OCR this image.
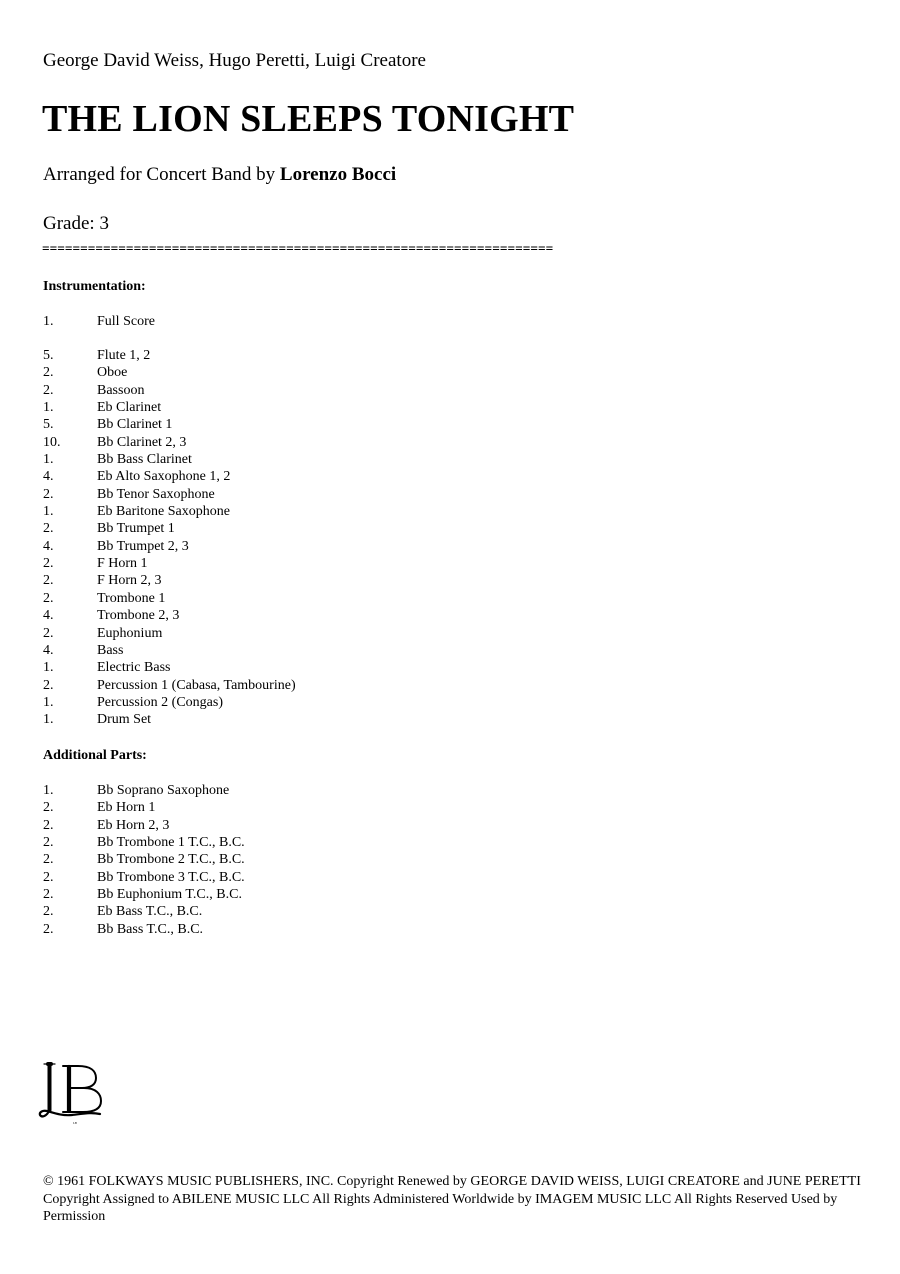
George David Weiss, Hugo Peretti, Luigi Creatore
THE LION SLEEPS TONIGHT
Arranged for Concert Band by Lorenzo Bocci
Grade: 3
===================================================================
Instrumentation:
1.	Full Score
5.	Flute 1, 2
2.	Oboe
2.	Bassoon
1.	Eb Clarinet
5.	Bb Clarinet 1
10.	Bb Clarinet 2, 3
1.	Bb Bass Clarinet
4.	Eb Alto Saxophone 1, 2
2.	Bb Tenor Saxophone
1.	Eb Baritone Saxophone
2.	Bb Trumpet 1
4.	Bb Trumpet 2, 3
2.	F Horn 1
2.	F Horn 2, 3
2.	Trombone 1
4.	Trombone 2, 3
2.	Euphonium
4.	Bass
1.	Electric Bass
2.	Percussion 1 (Cabasa, Tambourine)
1.	Percussion 2 (Congas)
1.	Drum Set
Additional Parts:
1.	Bb Soprano Saxophone
2.	Eb Horn 1
2.	Eb Horn 2, 3
2.	Bb Trombone 1 T.C., B.C.
2.	Bb Trombone 2 T.C., B.C.
2.	Bb Trombone 3 T.C., B.C.
2.	Bb Euphonium T.C., B.C.
2.	Eb Bass T.C., B.C.
2.	Bb Bass T.C., B.C.
LB
© 1961 FOLKWAYS MUSIC PUBLISHERS, INC. Copyright Renewed by GEORGE DAVID WEISS, LUIGI CREATORE and JUNE PERETTI Copyright Assigned to ABILENE MUSIC LLC All Rights Administered Worldwide by IMAGEM MUSIC LLC All Rights Reserved Used by Permission
